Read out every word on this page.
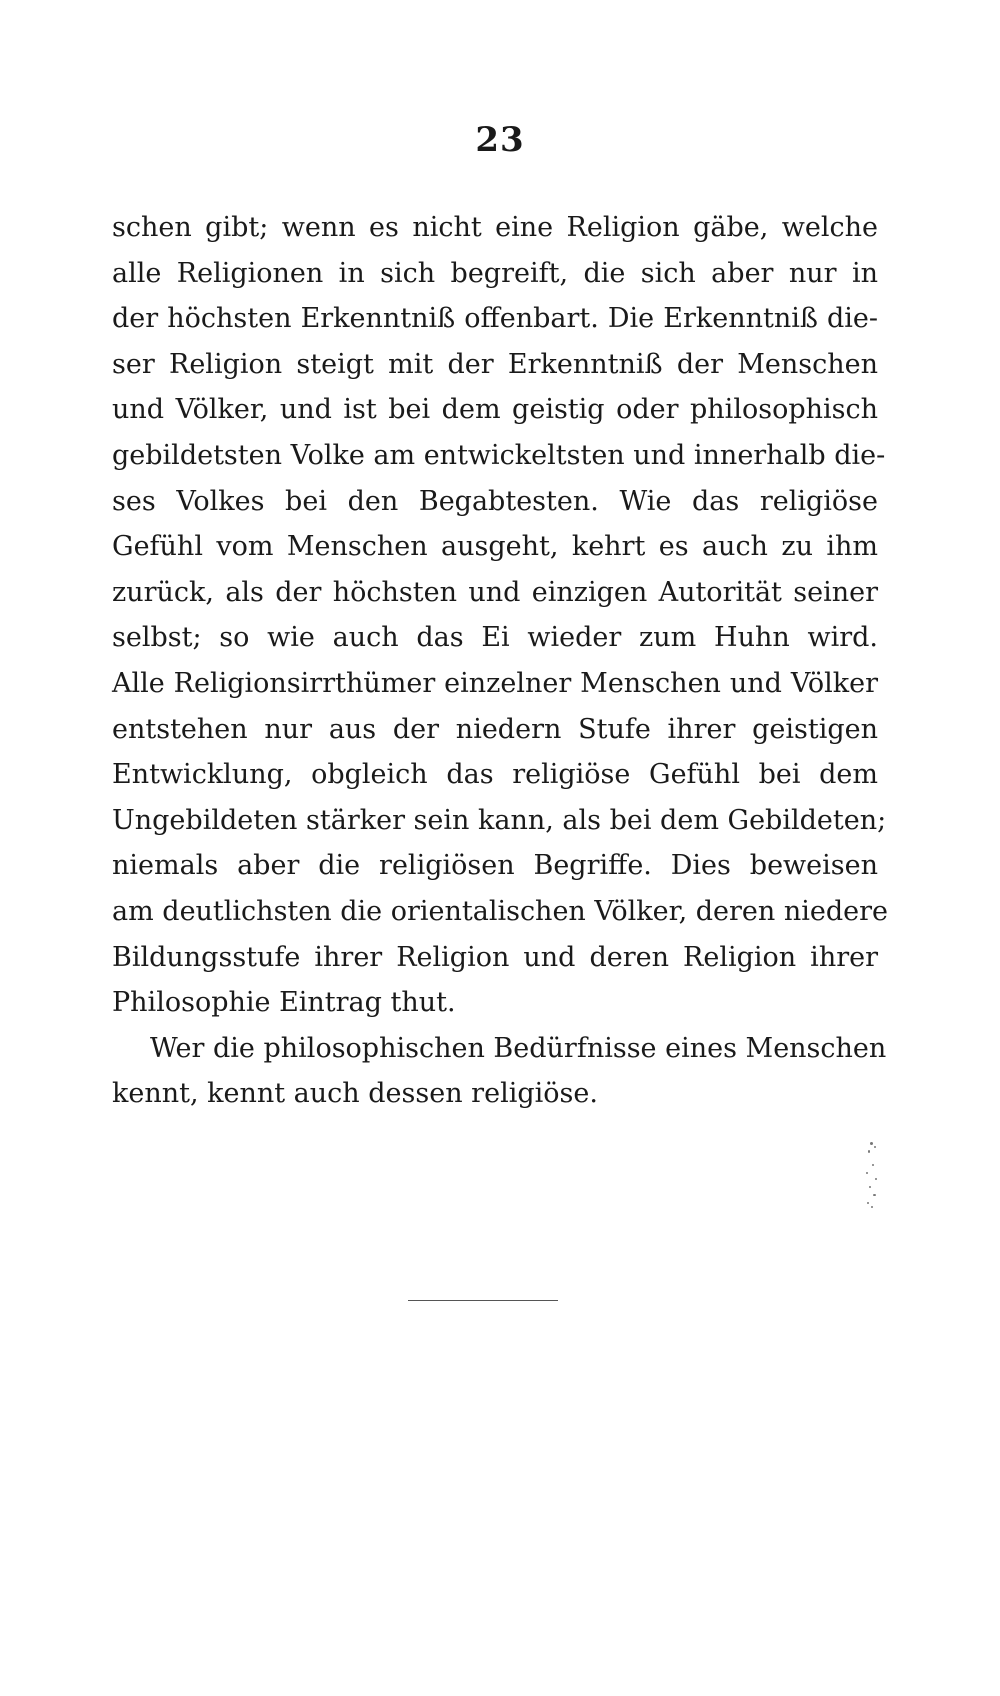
23
schen gibt; wenn es nicht eine Religion gäbe, welche
alle Religionen in sich begreift, die sich aber nur in
der höchsten Erkenntniß offenbart. Die Erkenntniß die-
ser Religion steigt mit der Erkenntniß der Menschen
und Völker, und ist bei dem geistig oder philosophisch
gebildetsten Volke am entwickeltsten und innerhalb die-
ses Volkes bei den Begabtesten. Wie das religiöse
Gefühl vom Menschen ausgeht, kehrt es auch zu ihm
zurück, als der höchsten und einzigen Autorität seiner
selbst; so wie auch das Ei wieder zum Huhn wird.
Alle Religionsirrthümer einzelner Menschen und Völker
entstehen nur aus der niedern Stufe ihrer geistigen
Entwicklung, obgleich das religiöse Gefühl bei dem
Ungebildeten stärker sein kann, als bei dem Gebildeten;
niemals aber die religiösen Begriffe. Dies beweisen
am deutlichsten die orientalischen Völker, deren niedere
Bildungsstufe ihrer Religion und deren Religion ihrer
Philosophie Eintrag thut.
Wer die philosophischen Bedürfnisse eines Menschen
kennt, kennt auch dessen religiöse.
